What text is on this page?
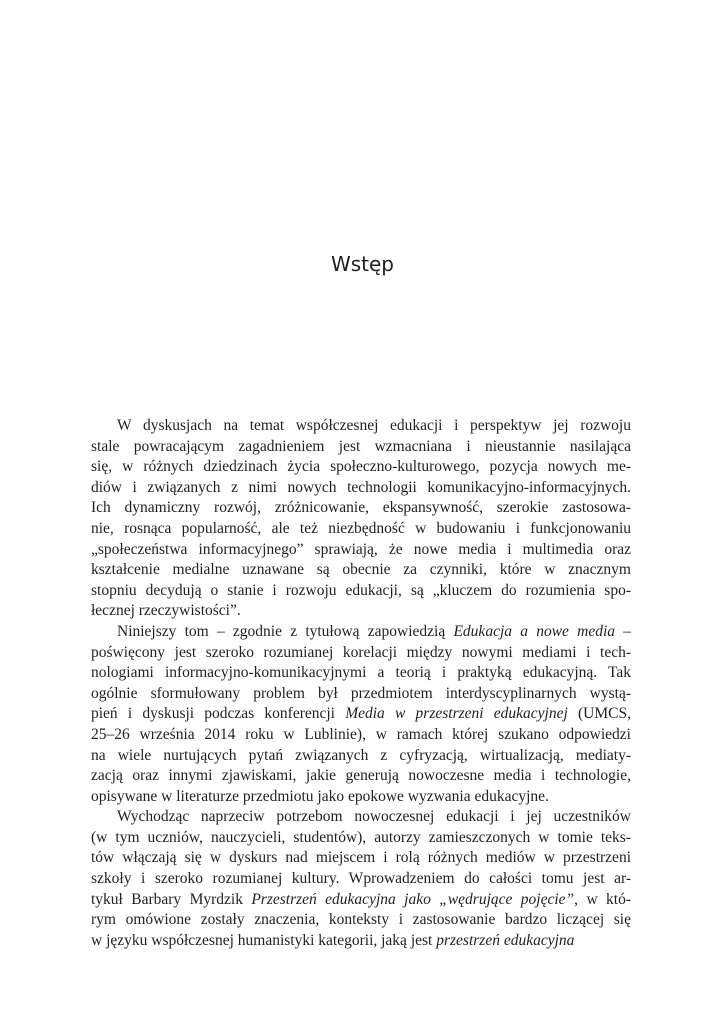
Wstęp
W dyskusjach na temat współczesnej edukacji i perspektyw jej rozwoju
stale powracającym zagadnieniem jest wzmacniana i nieustannie nasilająca
się, w różnych dziedzinach życia społeczno-kulturowego, pozycja nowych me-
diów i związanych z nimi nowych technologii komunikacyjno-informacyjnych.
Ich dynamiczny rozwój, zróżnicowanie, ekspansywność, szerokie zastosowa-
nie, rosnąca popularność, ale też niezbędność w budowaniu i funkcjonowaniu
„społeczeństwa informacyjnego” sprawiają, że nowe media i multimedia oraz
kształcenie medialne uznawane są obecnie za czynniki, które w znacznym
stopniu decydują o stanie i rozwoju edukacji, są „kluczem do rozumienia spo-
łecznej rzeczywistości”.
Niniejszy tom – zgodnie z tytułową zapowiedzią Edukacja a nowe media –
poświęcony jest szeroko rozumianej korelacji między nowymi mediami i tech-
nologiami informacyjno-komunikacyjnymi a teorią i praktyką edukacyjną. Tak
ogólnie sformułowany problem był przedmiotem interdyscyplinarnych wystą-
pień i dyskusji podczas konferencji Media w przestrzeni edukacyjnej (UMCS,
25–26 września 2014 roku w Lublinie), w ramach której szukano odpowiedzi
na wiele nurtujących pytań związanych z cyfryzacją, wirtualizacją, mediaty-
zacją oraz innymi zjawiskami, jakie generują nowoczesne media i technologie,
opisywane w literaturze przedmiotu jako epokowe wyzwania edukacyjne.
Wychodząc naprzeciw potrzebom nowoczesnej edukacji i jej uczestników
(w tym uczniów, nauczycieli, studentów), autorzy zamieszczonych w tomie teks-
tów włączają się w dyskurs nad miejscem i rolą różnych mediów w przestrzeni
szkoły i szeroko rozumianej kultury. Wprowadzeniem do całości tomu jest ar-
tykuł Barbary Myrdzik Przestrzeń edukacyjna jako „wędrujące pojęcie”, w któ-
rym omówione zostały znaczenia, konteksty i zastosowanie bardzo liczącej się
w języku współczesnej humanistyki kategorii, jaką jest przestrzeń edukacyjna
